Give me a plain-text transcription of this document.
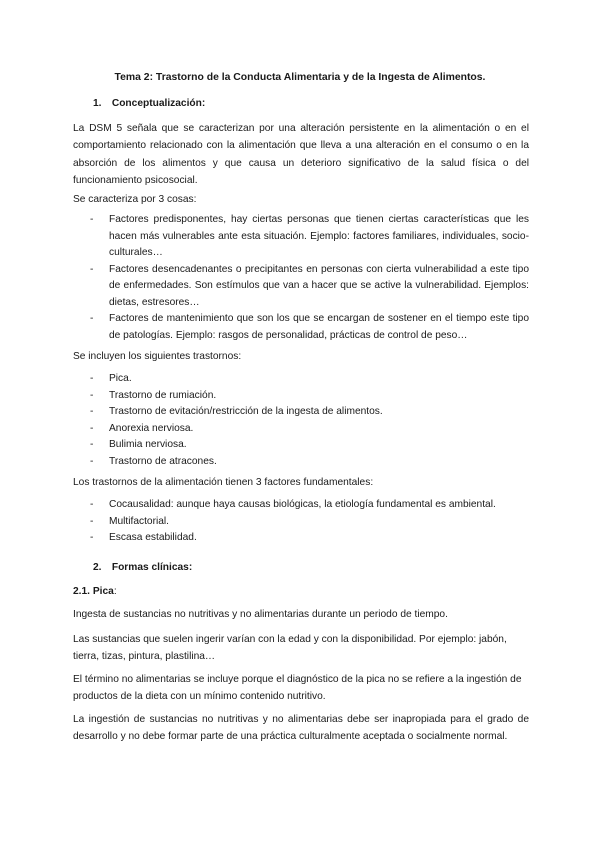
Tema 2: Trastorno de la Conducta Alimentaria y de la Ingesta de Alimentos.
1. Conceptualización:

La DSM 5 señala que se caracterizan por una alteración persistente en la alimentación o en el comportamiento relacionado con la alimentación que lleva a una alteración en el consumo o en la absorción de los alimentos y que causa un deterioro significativo de la salud física o del funcionamiento psicosocial.

Se caracteriza por 3 cosas:

- Factores predisponentes, hay ciertas personas que tienen ciertas características que les hacen más vulnerables ante esta situación. Ejemplo: factores familiares, individuales, socio-culturales…
- Factores desencadenantes o precipitantes en personas con cierta vulnerabilidad a este tipo de enfermedades. Son estímulos que van a hacer que se active la vulnerabilidad. Ejemplos: dietas, estresores…
- Factores de mantenimiento que son los que se encargan de sostener en el tiempo este tipo de patologías. Ejemplo: rasgos de personalidad, prácticas de control de peso…

Se incluyen los siguientes trastornos:

- Pica.
- Trastorno de rumiación.
- Trastorno de evitación/restricción de la ingesta de alimentos.
- Anorexia nerviosa.
- Bulimia nerviosa.
- Trastorno de atracones.

Los trastornos de la alimentación tienen 3 factores fundamentales:

- Cocausalidad: aunque haya causas biológicas, la etiología fundamental es ambiental.
- Multifactorial.
- Escasa estabilidad.
2. Formas clínicas:
2.1. Pica:

Ingesta de sustancias no nutritivas y no alimentarias durante un periodo de tiempo.

Las sustancias que suelen ingerir varían con la edad y con la disponibilidad. Por ejemplo: jabón, tierra, tizas, pintura, plastilina…

El término no alimentarias se incluye porque el diagnóstico de la pica no se refiere a la ingestión de productos de la dieta con un mínimo contenido nutritivo.

La ingestión de sustancias no nutritivas y no alimentarias debe ser inapropiada para el grado de desarrollo y no debe formar parte de una práctica culturalmente aceptada o socialmente normal.
